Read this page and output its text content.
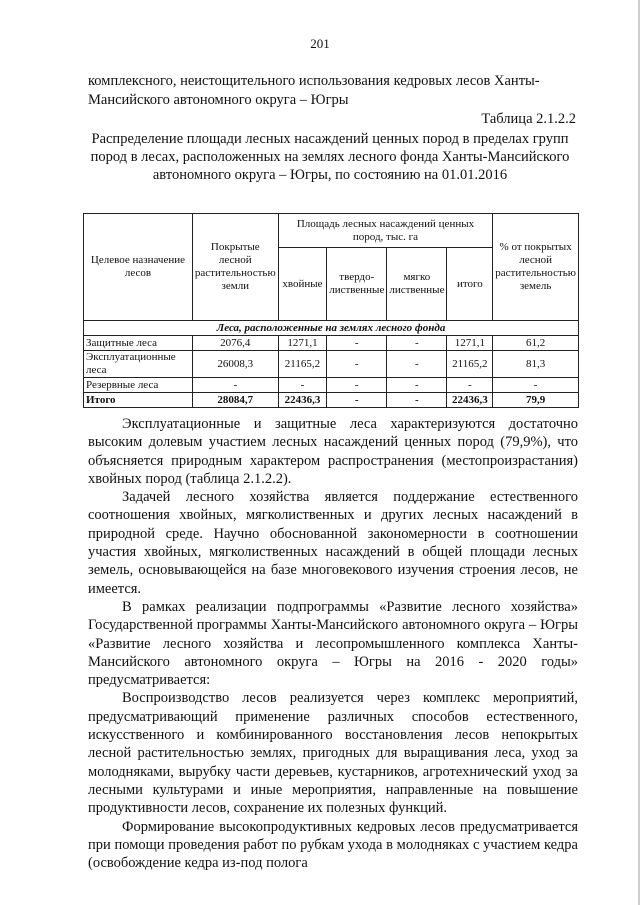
201

комплексного, неистощительного использования кедровых лесов Ханты-Мансийского автономного округа – Югры

Таблица 2.1.2.2

Распределение площади лесных насаждений ценных пород в пределах групп пород в лесах, расположенных на землях лесного фонда Ханты-Мансийского автономного округа – Югры, по состоянию на 01.01.2016

Целевое назначение лесов	Покрытые лесной растительностью земли	Площадь лесных насаждений ценных пород, тыс. га				% от покрытых лесной растительностью земель
		хвойные	твердо-лиственные	мягко лиственные	итого	
Леса, расположенные на землях лесного фонда						
Защитные леса	2076,4	1271,1	-	-	1271,1	61,2
Эксплуатационные леса	26008,3	21165,2	-	-	21165,2	81,3
Резервные леса	-	-	-	-	-	-
Итого	28084,7	22436,3	-	-	22436,3	79,9

Эксплуатационные и защитные леса характеризуются достаточно высоким долевым участием лесных насаждений ценных пород (79,9%), что объясняется природным характером распространения (местопроизрастания) хвойных пород (таблица 2.1.2.2).

Задачей лесного хозяйства является поддержание естественного соотношения хвойных, мягколиственных и других лесных насаждений в природной среде. Научно обоснованной закономерности в соотношении участия хвойных, мягколиственных насаждений в общей площади лесных земель, основывающейся на базе многовекового изучения строения лесов, не имеется.

В рамках реализации подпрограммы «Развитие лесного хозяйства» Государственной программы Ханты-Мансийского автономного округа – Югры «Развитие лесного хозяйства и лесопромышленного комплекса Ханты-Мансийского автономного округа – Югры на 2016 - 2020 годы» предусматривается:

Воспроизводство лесов реализуется через комплекс мероприятий, предусматривающий применение различных способов естественного, искусственного и комбинированного восстановления лесов непокрытых лесной растительностью землях, пригодных для выращивания леса, уход за молодняками, вырубку части деревьев, кустарников, агротехнический уход за лесными культурами и иные мероприятия, направленные на повышение продуктивности лесов, сохранение их полезных функций.

Формирование высокопродуктивных кедровых лесов предусматривается при помощи проведения работ по рубкам ухода в молодняках с участием кедра (освобождение кедра из-под полога
